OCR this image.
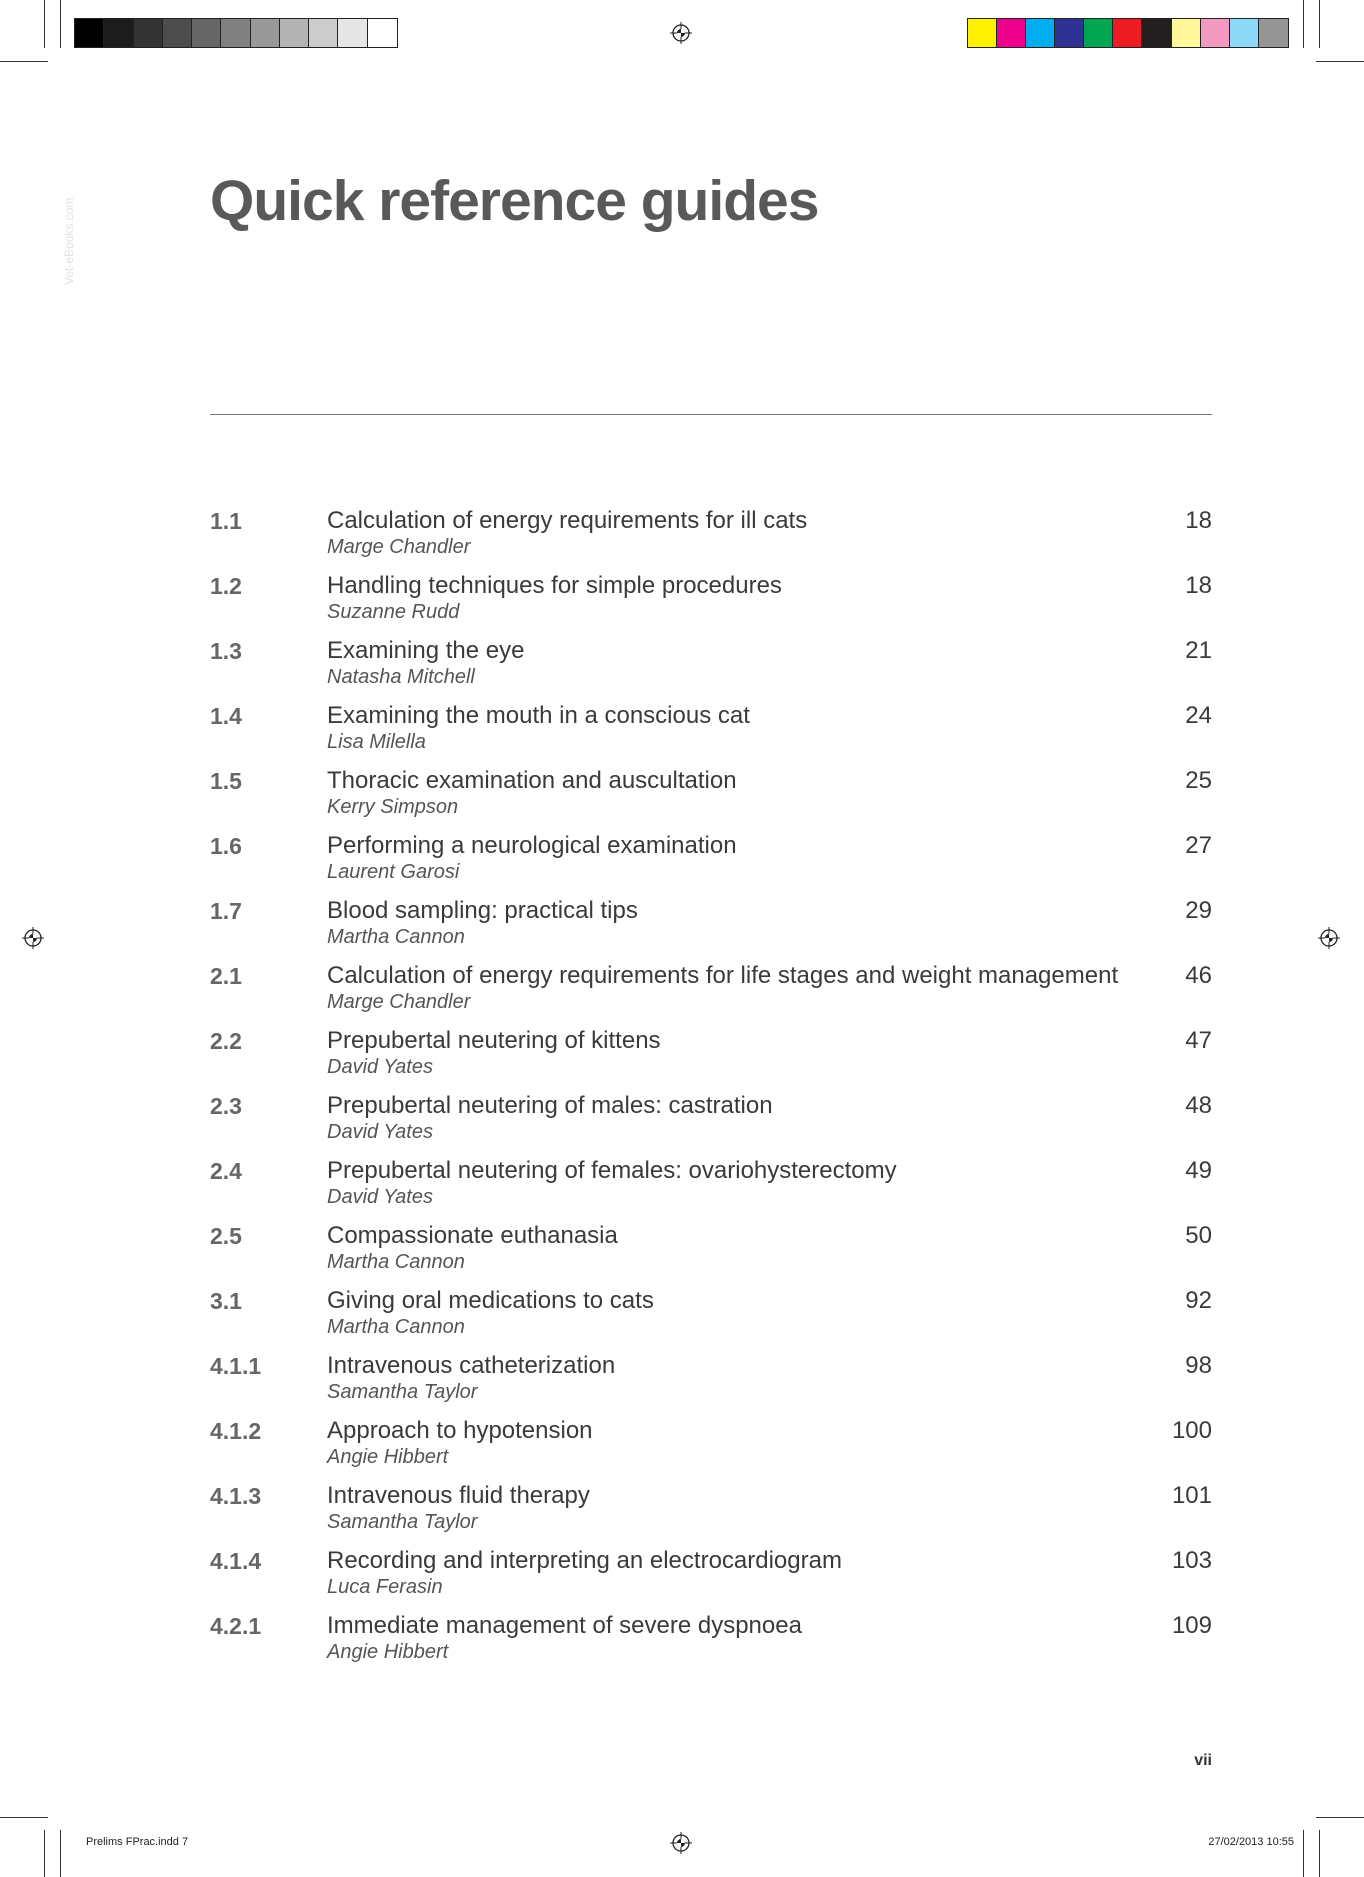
Vet-eBooks.com Quick reference guides
1.1	Calculation of energy requirements for ill cats
Marge Chandler
18
1.2	Handling techniques for simple procedures
Suzanne Rudd
18
1.3	Examining the eye
Natasha Mitchell
21
1.4	Examining the mouth in a conscious cat
Lisa Milella
24
1.5	Thoracic examination and auscultation
Kerry Simpson
25
1.6	Performing a neurological examination
Laurent Garosi
27
1.7	Blood sampling: practical tips
Martha Cannon
29
2.1	Calculation of energy requirements for life stages and weight management
Marge Chandler
46
2.2	Prepubertal neutering of kittens
David Yates
47
2.3	Prepubertal neutering of males: castration
David Yates
48
2.4	Prepubertal neutering of females: ovariohysterectomy
David Yates
49
2.5	Compassionate euthanasia
Martha Cannon
50
3.1	Giving oral medications to cats
Martha Cannon
92
4.1.1	Intravenous catheterization
Samantha Taylor
98
4.1.2	Approach to hypotension
Angie Hibbert
100
4.1.3	Intravenous fluid therapy
Samantha Taylor
101
4.1.4	Recording and interpreting an electrocardiogram
Luca Ferasin
103
4.2.1	Immediate management of severe dyspnoea
Angie Hibbert
109
vii
Prelims FPrac.indd 7	27/02/2013 10:55
